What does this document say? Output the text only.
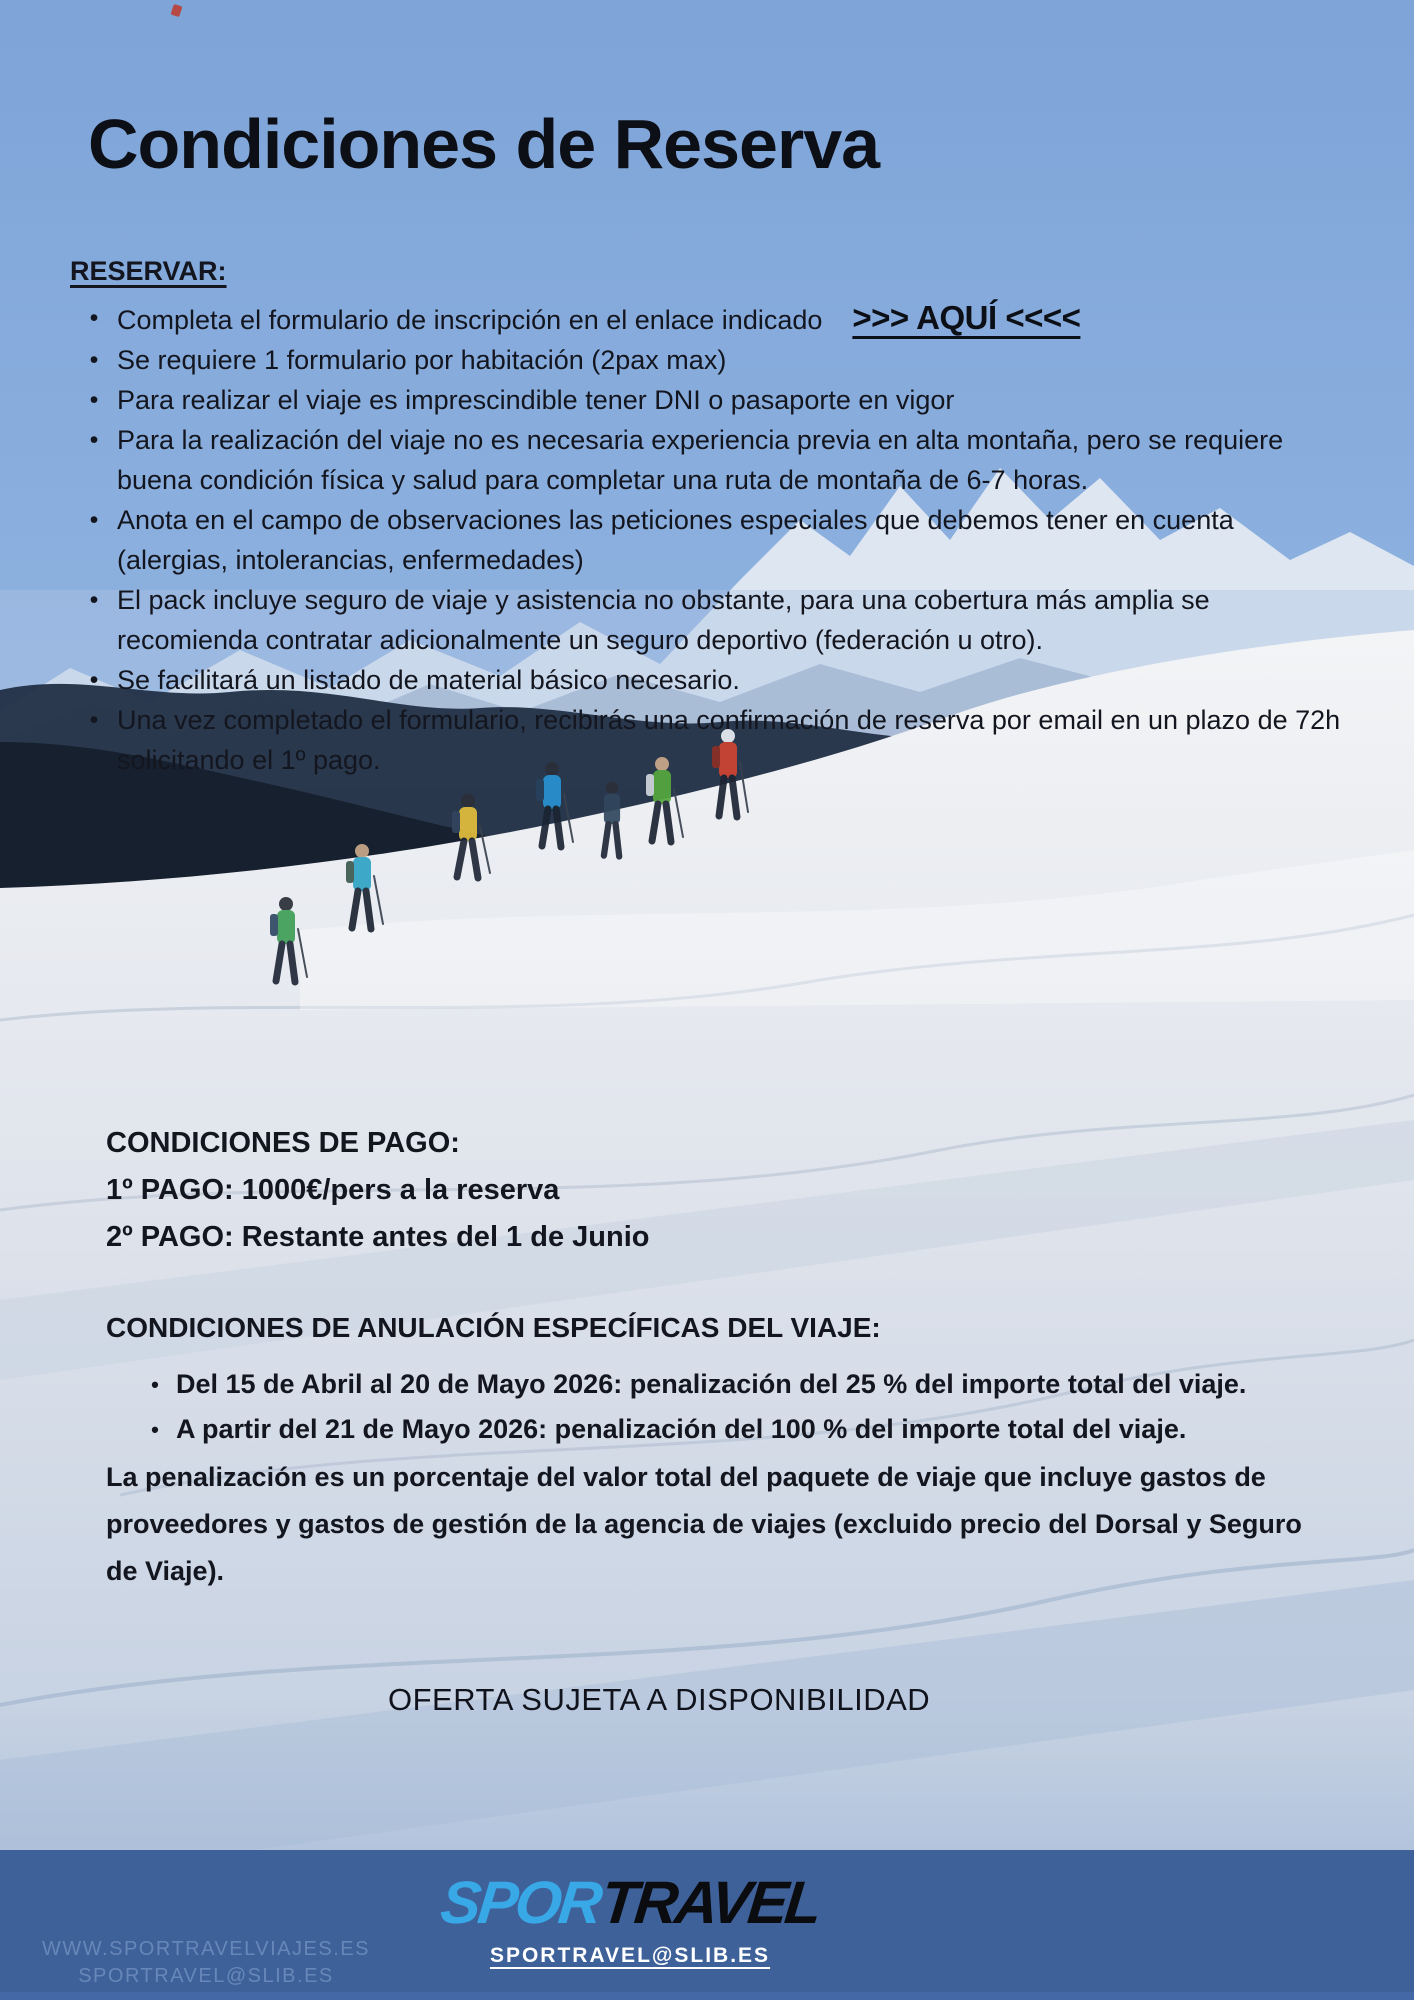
Condiciones de Reserva
RESERVAR:
• Completa el formulario de inscripción en el enlace indicado >>> AQUÍ <<<<
• Se requiere 1 formulario por habitación (2pax max)
• Para realizar el viaje es imprescindible tener DNI o pasaporte en vigor
• Para la realización del viaje no es necesaria experiencia previa en alta montaña, pero se requiere buena condición física y salud para completar una ruta de montaña de 6-7 horas.
• Anota en el campo de observaciones las peticiones especiales que debemos tener en cuenta (alergias, intolerancias, enfermedades)
• El pack incluye seguro de viaje y asistencia no obstante, para una cobertura más amplia se recomienda contratar adicionalmente un seguro deportivo (federación u otro).
• Se facilitará un listado de material básico necesario.
• Una vez completado el formulario, recibirás una confirmación de reserva por email en un plazo de 72h solicitando el 1º pago.
CONDICIONES DE PAGO:
1º PAGO: 1000€/pers a la reserva
2º PAGO: Restante antes del 1 de Junio
CONDICIONES DE ANULACIÓN ESPECÍFICAS DEL VIAJE:
• Del 15 de Abril al 20 de Mayo 2026: penalización del 25 % del importe total del viaje.
• A partir del 21 de Mayo 2026: penalización del 100 % del importe total del viaje.
La penalización es un porcentaje del valor total del paquete de viaje que incluye gastos de proveedores y gastos de gestión de la agencia de viajes (excluido precio del Dorsal y Seguro de Viaje).
OFERTA SUJETA A DISPONIBILIDAD
SPORTRAVEL
SPORTRAVEL@SLIB.ES
WWW.SPORTRAVELVIAJES.ES
SPORTRAVEL@SLIB.ES
